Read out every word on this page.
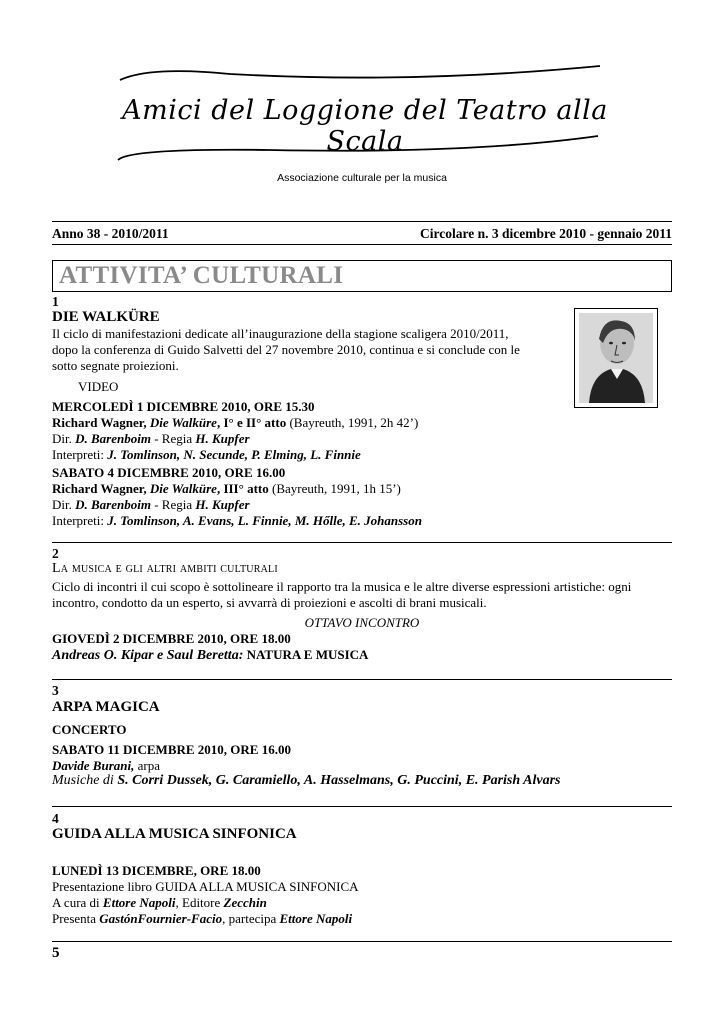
Amici del Loggione del Teatro alla Scala
Associazione culturale per la musica
Anno 38 - 2010/2011	Circolare n. 3 dicembre 2010 - gennaio 2011
ATTIVITA’ CULTURALI
1
DIE WALKÜRE
Il ciclo di manifestazioni dedicate all’inaugurazione della stagione scaligera 2010/2011,
dopo la conferenza di Guido Salvetti del 27 novembre 2010, continua e si conclude con le
sotto segnate proiezioni.
VIDEO
MERCOLEDÌ 1 DICEMBRE 2010, ORE 15.30
Richard Wagner, Die Walküre, I° e II° atto (Bayreuth, 1991, 2h 42’)
Dir. D. Barenboim - Regia H. Kupfer
Interpreti: J. Tomlinson, N. Secunde, P. Elming, L. Finnie
SABATO 4 DICEMBRE 2010, ORE 16.00
Richard Wagner, Die Walküre, III° atto (Bayreuth, 1991, 1h 15’)
Dir. D. Barenboim - Regia H. Kupfer
Interpreti: J. Tomlinson, A. Evans, L. Finnie, M. Hőlle, E. Johansson
2
La musica e gli altri ambiti culturali
Ciclo di incontri il cui scopo è sottolineare il rapporto tra la musica e le altre diverse espressioni artistiche: ogni
incontro, condotto da un esperto, si avvarrà di proiezioni e ascolti di brani musicali.
OTTAVO INCONTRO
GIOVEDÌ 2 DICEMBRE 2010, ORE 18.00
Andreas O. Kipar e Saul Beretta: NATURA E MUSICA
3
ARPA MAGICA
CONCERTO
SABATO 11 DICEMBRE 2010, ORE 16.00
Davide Burani, arpa
Musiche di S. Corri Dussek, G. Caramiello, A. Hasselmans, G. Puccini, E. Parish Alvars
4
GUIDA ALLA MUSICA SINFONICA
LUNEDÌ 13 DICEMBRE, ORE 18.00
Presentazione libro GUIDA ALLA MUSICA SINFONICA
A cura di Ettore Napoli, Editore Zecchin
Presenta GastónFournier-Facio, partecipa Ettore Napoli
5
